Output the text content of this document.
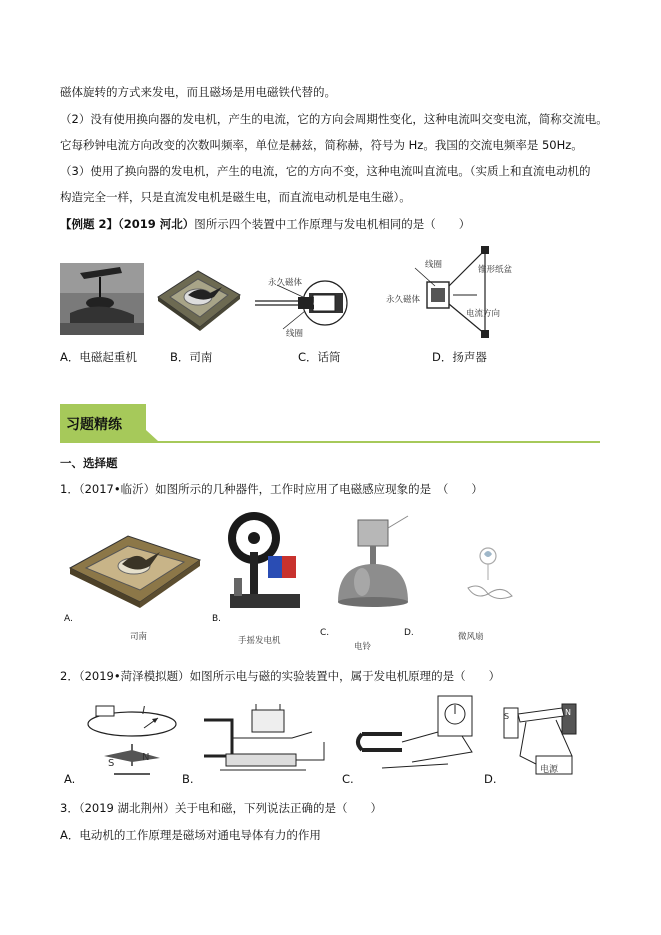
磁体旋转的方式来发电，而且磁场是用电磁铁代替的。
（2）没有使用换向器的发电机，产生的电流，它的方向会周期性变化，这种电流叫交变电流，简称交流电。
它每秒钟电流方向改变的次数叫频率，单位是赫兹，简称赫，符号为 Hz。我国的交流电频率是 50Hz。
（3）使用了换向器的发电机，产生的电流，它的方向不变，这种电流叫直流电。（实质上和直流电动机的
构造完全一样，只是直流发电机是磁生电，而直流电动机是电生磁）。
【例题 2】（2019 河北）图所示四个装置中工作原理与发电机相同的是（　　）
永久磁体
膜片
线圈
线圈
永久磁体
锥形纸盆
电流方向
A．电磁起重机	B．司南	C．话筒	D．扬声器
习题精练
一、选择题
1．（2017•临沂）如图所示的几种器件，工作时应用了电磁感应现象的是　（　　）
A.	B.
C.	D.
司南	手摇发电机
电铃
微风扇
2．（2019•菏泽模拟题）如图所示电与磁的实验装置中，属于发电机原理的是（　　）
I
S
N
S	N
电源
A.	B.	C.	D.
3．（2019 湖北荆州）关于电和磁，下列说法正确的是（　　）
A．电动机的工作原理是磁场对通电导体有力的作用
